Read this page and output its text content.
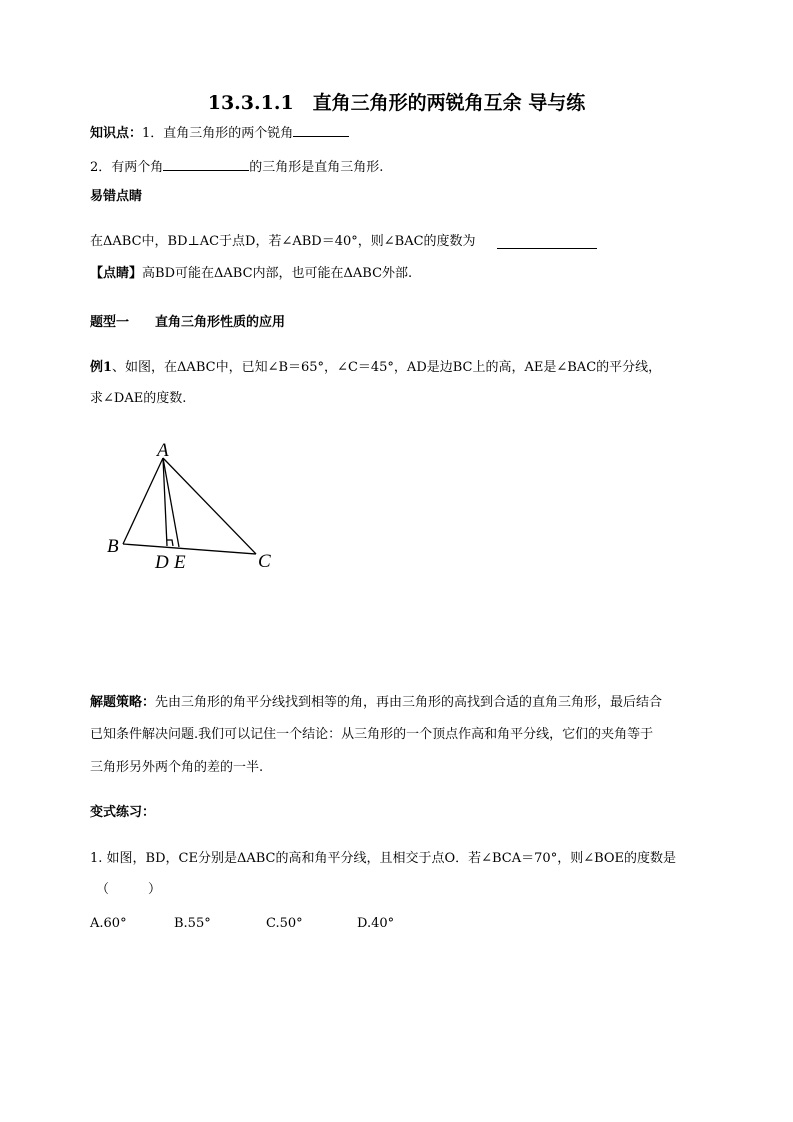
13.3.1.1　直角三角形的两锐角互余 导与练
知识点：1．直角三角形的两个锐角
2．有两个角	的三角形是直角三角形.
易错点睛
在ΔABC中，BD⊥AC于点D，若∠ABD＝40°，则∠BAC的度数为
【点睛】高BD可能在ΔABC内部，也可能在ΔABC外部.
题型一　　直角三角形性质的应用
例1、如图，在ΔABC中，已知∠B＝65°，∠C＝45°，AD是边BC上的高，AE是∠BAC的平分线，
求∠DAE的度数.
A
B
C
D E
解题策略：先由三角形的角平分线找到相等的角，再由三角形的高找到合适的直角三角形，最后结合
已知条件解决问题.我们可以记住一个结论：从三角形的一个顶点作高和角平分线，它们的夹角等于
三角形另外两个角的差的一半.
变式练习：
1. 如图，BD，CE分别是ΔABC的高和角平分线，且相交于点O．若∠BCA＝70°，则∠BOE的度数是
（　　　）
A.60°	B.55°	C.50°	D.40°
